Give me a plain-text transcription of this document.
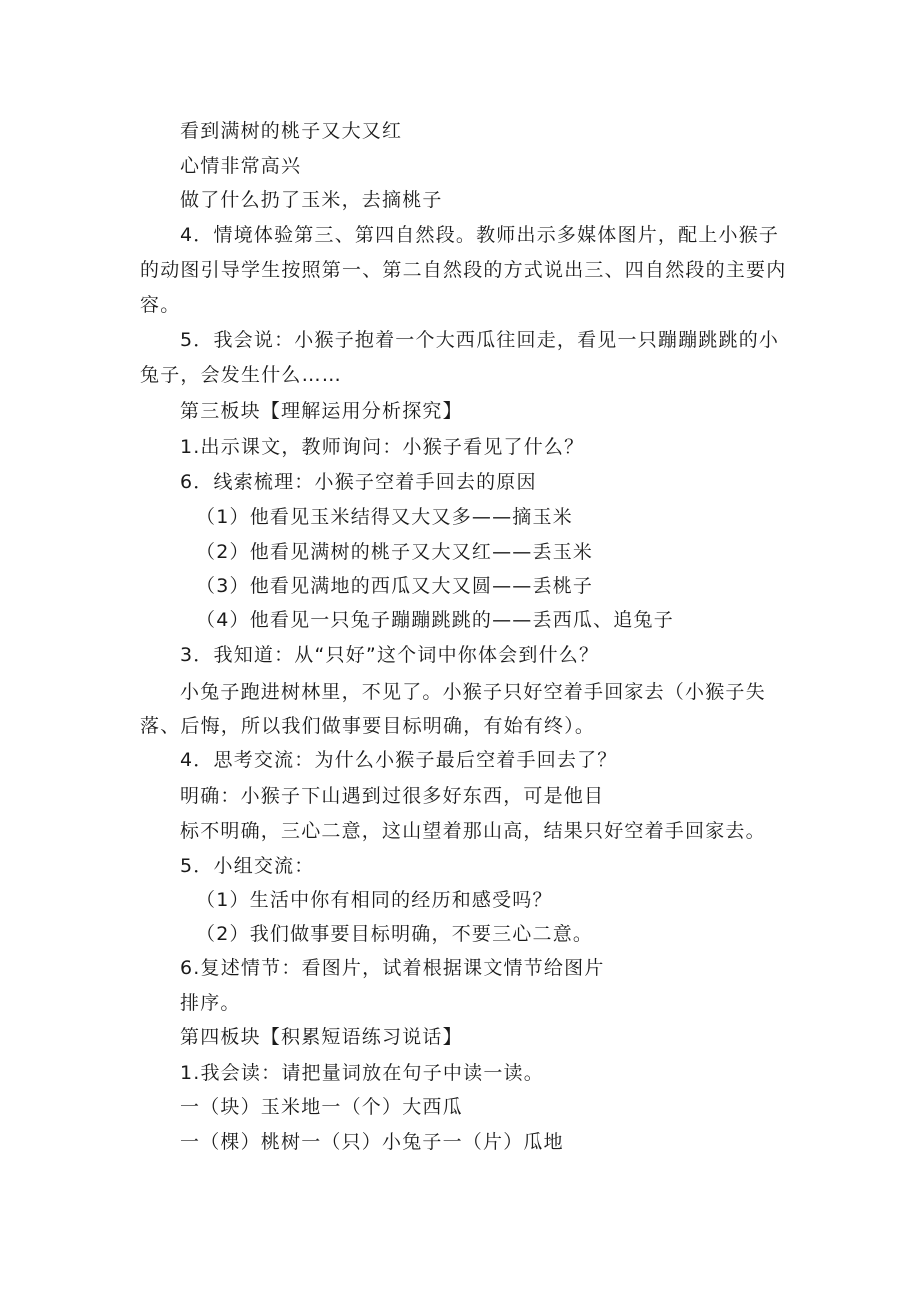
看到满树的桃子又大又红
心情非常高兴
做了什么扔了玉米，去摘桃子
4．情境体验第三、第四自然段。教师出示多媒体图片，配上小猴子
的动图引导学生按照第一、第二自然段的方式说出三、四自然段的主要内
容。
5．我会说：小猴子抱着一个大西瓜往回走，看见一只蹦蹦跳跳的小
兔子，会发生什么……
第三板块【理解运用分析探究】
1.出示课文，教师询问：小猴子看见了什么？
6．线索梳理：小猴子空着手回去的原因
（1）他看见玉米结得又大又多——摘玉米
（2）他看见满树的桃子又大又红——丢玉米
（3）他看见满地的西瓜又大又圆——丢桃子
（4）他看见一只兔子蹦蹦跳跳的——丢西瓜、追兔子
3．我知道：从“只好”这个词中你体会到什么？
小兔子跑进树林里，不见了。小猴子只好空着手回家去（小猴子失
落、后悔，所以我们做事要目标明确，有始有终）。
4．思考交流：为什么小猴子最后空着手回去了？
明确：小猴子下山遇到过很多好东西，可是他目
标不明确，三心二意，这山望着那山高，结果只好空着手回家去。
5．小组交流：
（1）生活中你有相同的经历和感受吗？
（2）我们做事要目标明确，不要三心二意。
6.复述情节：看图片，试着根据课文情节给图片
排序。
第四板块【积累短语练习说话】
1.我会读：请把量词放在句子中读一读。
一（块）玉米地一（个）大西瓜
一（棵）桃树一（只）小兔子一（片）瓜地
